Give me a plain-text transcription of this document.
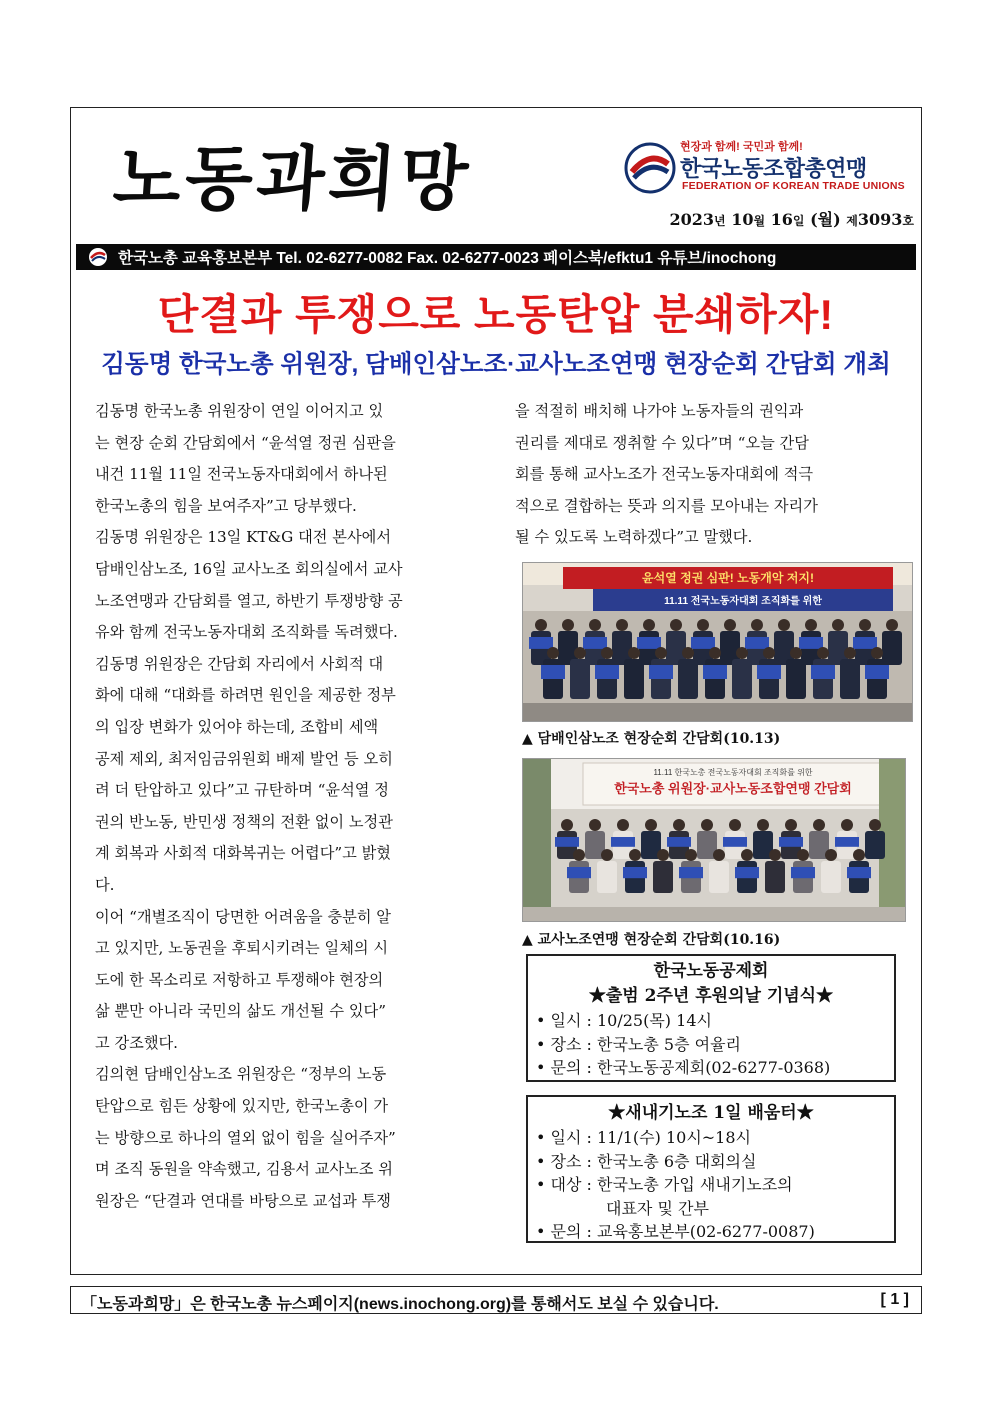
노동과희망	현장과 함께! 국민과 함께!
한국노동조합총연맹
FEDERATION OF KOREAN TRADE UNIONS
2023년 10월 16일 (월) 제3093호
한국노총 교육홍보본부 Tel. 02-6277-0082 Fax. 02-6277-0023 페이스북/efktu1 유튜브/inochong
단결과 투쟁으로 노동탄압 분쇄하자!
김동명 한국노총 위원장, 담배인삼노조·교사노조연맹 현장순회 간담회 개최

김동명 한국노총 위원장이 연일 이어지고 있

는 현장 순회 간담회에서 “윤석열 정권 심판을

내건 11월 11일 전국노동자대회에서 하나된

한국노총의 힘을 보여주자”고 당부했다.

김동명 위원장은 13일 KT&G 대전 본사에서

담배인삼노조, 16일 교사노조 회의실에서 교사

노조연맹과 간담회를 열고, 하반기 투쟁방향 공

유와 함께 전국노동자대회 조직화를 독려했다.

김동명 위원장은 간담회 자리에서 사회적 대

화에 대해 “대화를 하려면 원인을 제공한 정부

의 입장 변화가 있어야 하는데, 조합비 세액

공제 제외, 최저임금위원회 배제 발언 등 오히

려 더 탄압하고 있다”고 규탄하며 “윤석열 정

권의 반노동, 반민생 정책의 전환 없이 노정관

계 회복과 사회적 대화복귀는 어렵다”고 밝혔

다.

이어 “개별조직이 당면한 어려움을 충분히 알

고 있지만, 노동권을 후퇴시키려는 일체의 시

도에 한 목소리로 저항하고 투쟁해야 현장의

삶 뿐만 아니라 국민의 삶도 개선될 수 있다”

고 강조했다.

김의현 담배인삼노조 위원장은 “정부의 노동

탄압으로 힘든 상황에 있지만, 한국노총이 가

는 방향으로 하나의 열외 없이 힘을 실어주자”

며 조직 동원을 약속했고, 김용서 교사노조 위

원장은 “단결과 연대를 바탕으로 교섭과 투쟁

을 적절히 배치해 나가야 노동자들의 권익과

권리를 제대로 쟁취할 수 있다”며 “오늘 간담

회를 통해 교사노조가 전국노동자대회에 적극

적으로 결합하는 뜻과 의지를 모아내는 자리가

될 수 있도록 노력하겠다”고 말했다.

윤석열 정권 심판! 노동개악 저지!
11.11 전국노동자대회 조직화를 위한
▲ 담배인삼노조 현장순회 간담회(10.13)
11.11 한국노총 전국노동자대회 조직화를 위한
한국노총 위원장·교사노동조합연맹 간담회
▲ 교사노조연맹 현장순회 간담회(10.16)
한국노동공제회
★출범 2주년 후원의날 기념식★
• 일시 : 10/25(목) 14시
• 장소 : 한국노총 5층 여율리
• 문의 : 한국노동공제회(02-6277-0368)
★새내기노조 1일 배움터★
• 일시 : 11/1(수) 10시~18시
• 장소 : 한국노총 6층 대회의실
• 대상 : 한국노총 가입 새내기노조의
대표자 및 간부
• 문의 : 교육홍보본부(02-6277-0087)
「노동과희망」은 한국노총 뉴스페이지(news.inochong.org)를 통해서도 보실 수 있습니다.	[ 1 ]
